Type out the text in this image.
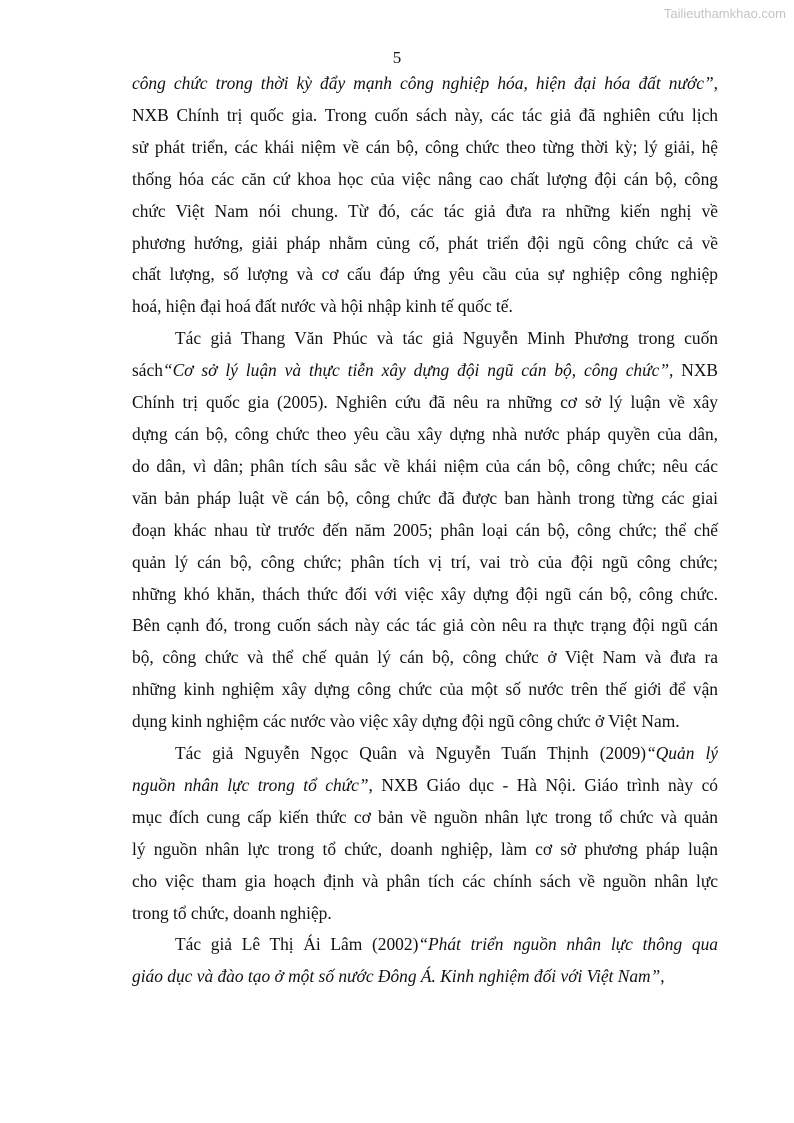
Tailieuthamkhao.com
5
công chức trong thời kỳ đẩy mạnh công nghiệp hóa, hiện đại hóa đất nước”,
NXB Chính trị quốc gia. Trong cuốn sách này, các tác giả đã nghiên cứu lịch
sử phát triển, các khái niệm về cán bộ, công chức theo từng thời kỳ; lý giải, hệ
thống hóa các căn cứ khoa học của việc nâng cao chất lượng đội cán bộ, công
chức Việt Nam nói chung. Từ đó, các tác giả đưa ra những kiến nghị về
phương hướng, giải pháp nhằm củng cố, phát triển đội ngũ công chức cả về
chất lượng, số lượng và cơ cấu đáp ứng yêu cầu của sự nghiệp công nghiệp
hoá, hiện đại hoá đất nước và hội nhập kinh tế quốc tế.
Tác giả Thang Văn Phúc và tác giả Nguyễn Minh Phương trong cuốn
sách“Cơ sở lý luận và thực tiễn xây dựng đội ngũ cán bộ, công chức”, NXB
Chính trị quốc gia (2005). Nghiên cứu đã nêu ra những cơ sở lý luận về xây
dựng cán bộ, công chức theo yêu cầu xây dựng nhà nước pháp quyền của dân,
do dân, vì dân; phân tích sâu sắc về khái niệm của cán bộ, công chức; nêu các
văn bản pháp luật về cán bộ, công chức đã được ban hành trong từng các giai
đoạn khác nhau từ trước đến năm 2005; phân loại cán bộ, công chức; thể chế
quản lý cán bộ, công chức; phân tích vị trí, vai trò của đội ngũ công chức;
những khó khăn, thách thức đối với việc xây dựng đội ngũ cán bộ, công chức.
Bên cạnh đó, trong cuốn sách này các tác giả còn nêu ra thực trạng đội ngũ cán
bộ, công chức và thể chế quản lý cán bộ, công chức ở Việt Nam và đưa ra
những kinh nghiệm xây dựng công chức của một số nước trên thế giới để vận
dụng kinh nghiệm các nước vào việc xây dựng đội ngũ công chức ở Việt Nam.
Tác giả Nguyễn Ngọc Quân và Nguyễn Tuấn Thịnh (2009)“Quản lý
nguồn nhân lực trong tổ chức”, NXB Giáo dục - Hà Nội. Giáo trình này có
mục đích cung cấp kiến thức cơ bản về nguồn nhân lực trong tổ chức và quản
lý nguồn nhân lực trong tổ chức, doanh nghiệp, làm cơ sở phương pháp luận
cho việc tham gia hoạch định và phân tích các chính sách về nguồn nhân lực
trong tổ chức, doanh nghiệp.
Tác giả Lê Thị Ái Lâm (2002)“Phát triển nguồn nhân lực thông qua
giáo dục và đào tạo ở một số nước Đông Á. Kinh nghiệm đối với Việt Nam”,
